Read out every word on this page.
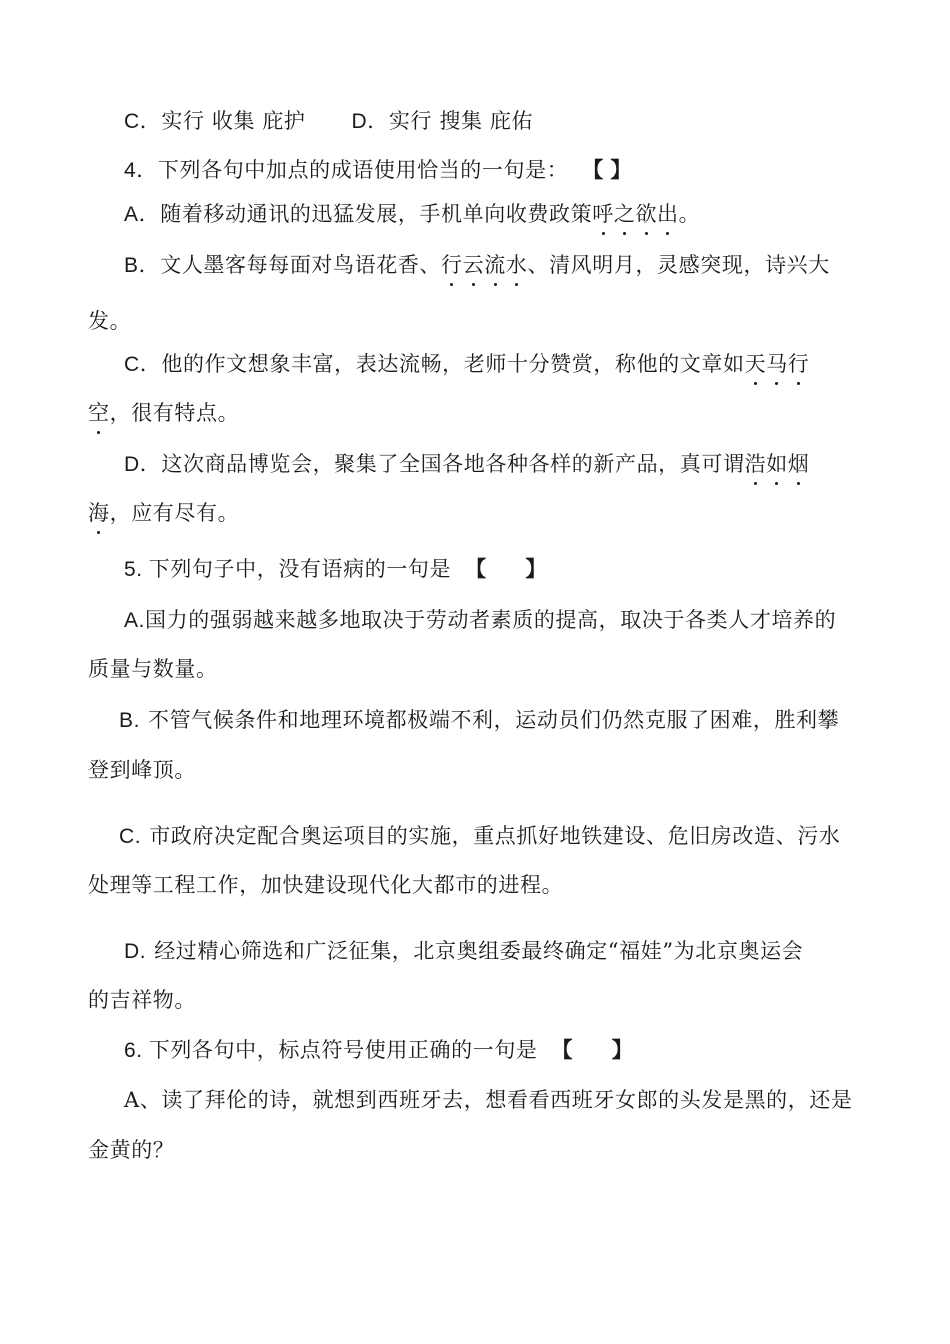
C．实行 收集 庇护 D．实行 搜集 庇佑
4．下列各句中加点的成语使用恰当的一句是： 【 】
A．随着移动通讯的迅猛发展，手机单向收费政策呼之欲出。
B．文人墨客每每面对鸟语花香、行云流水、清风明月，灵感突现，诗兴大
发。
C．他的作文想象丰富，表达流畅，老师十分赞赏，称他的文章如天马行
空，很有特点。
D．这次商品博览会，聚集了全国各地各种各样的新产品，真可谓浩如烟
海，应有尽有。
5. 下列句子中，没有语病的一句是 【      】
A.国力的强弱越来越多地取决于劳动者素质的提高，取决于各类人才培养的
质量与数量。
B. 不管气候条件和地理环境都极端不利，运动员们仍然克服了困难，胜利攀
登到峰顶。
C. 市政府决定配合奥运项目的实施，重点抓好地铁建设、危旧房改造、污水
处理等工程工作，加快建设现代化大都市的进程。
D. 经过精心筛选和广泛征集，北京奥组委最终确定“福娃”为北京奥运会
的吉祥物。
6. 下列各句中，标点符号使用正确的一句是 【      】
A、读了拜伦的诗，就想到西班牙去，想看看西班牙女郎的头发是黑的，还是
金黄的？
